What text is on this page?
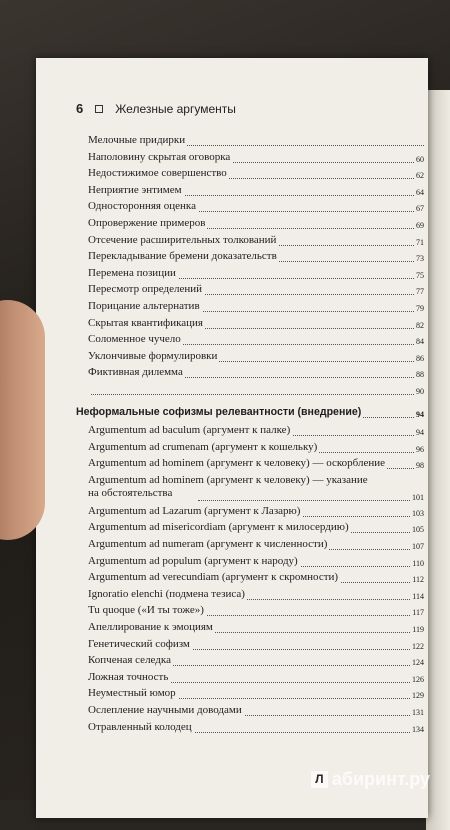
6	Железные аргументы
Мелочные придирки
Наполовину скрытая оговорка	60
Недостижимое совершенство	62
Неприятие энтимем	64
Односторонняя оценка	67
Опровержение примеров	69
Отсечение расширительных толкований	71
Перекладывание бремени доказательств	73
Перемена позиции	75
Пересмотр определений	77
Порицание альтернатив	79
Скрытая квантификация	82
Соломенное чучело	84
Уклончивые формулировки	86
Фиктивная дилемма	88
90
Неформальные софизмы релевантности (внедрение)	94
Argumentum ad baculum (аргумент к палке)	94
Argumentum ad crumenam (аргумент к кошельку)	96
Argumentum ad hominem (аргумент к человеку) — оскорбление	98
Argumentum ad hominem (аргумент к человеку) — указание
на обстоятельства	101
Argumentum ad Lazarum (аргумент к Лазарю)	103
Argumentum ad misericordiam (аргумент к милосердию)	105
Argumentum ad numeram (аргумент к численности)	107
Argumentum ad populum (аргумент к народу)	110
Argumentum ad verecundiam (аргумент к скромности)	112
Ignoratio elenchi (подмена тезиса)	114
Tu quoque («И ты тоже»)	117
Апеллирование к эмоциям	119
Генетический софизм	122
Копченая селедка	124
Ложная точность	126
Неуместный юмор	129
Ослепление научными доводами	131
Отравленный колодец	134
Л абиринт.ру
